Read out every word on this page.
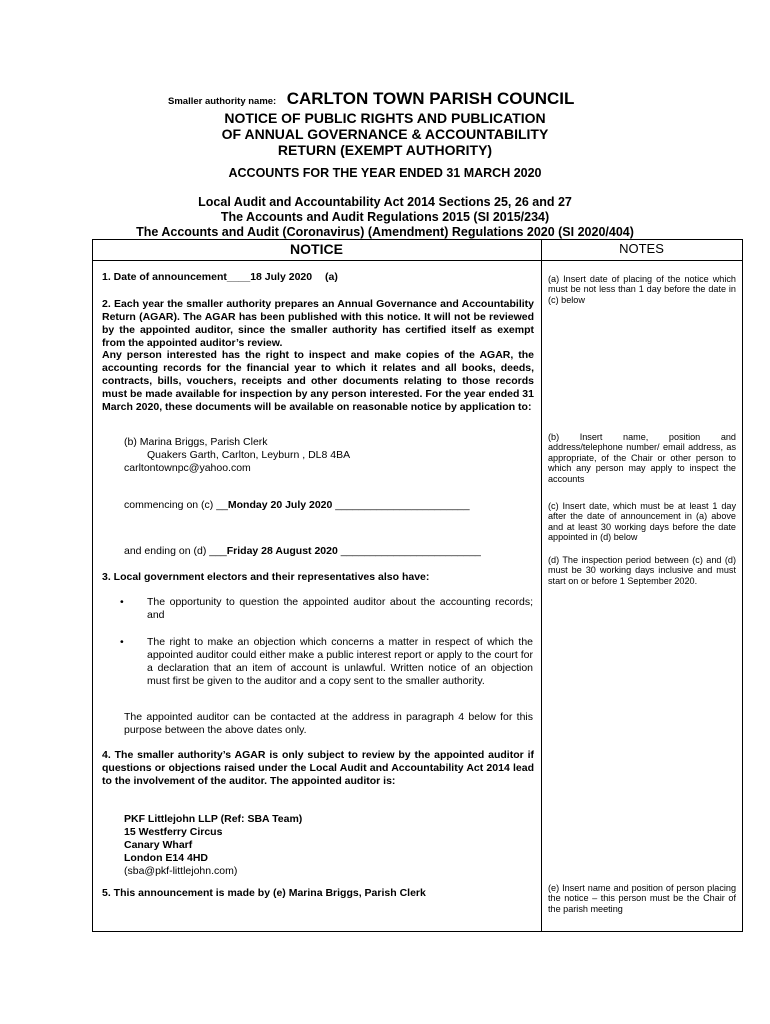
Smaller authority name: CARLTON TOWN PARISH COUNCIL
NOTICE OF PUBLIC RIGHTS AND PUBLICATION
OF ANNUAL GOVERNANCE & ACCOUNTABILITY
RETURN (EXEMPT AUTHORITY)
ACCOUNTS FOR THE YEAR ENDED 31 MARCH 2020
Local Audit and Accountability Act 2014 Sections 25, 26 and 27
The Accounts and Audit Regulations 2015 (SI 2015/234)
The Accounts and Audit (Coronavirus) (Amendment) Regulations 2020 (SI 2020/404)
NOTICE	NOTES
1. Date of announcement____18 July 2020 (a)
2. Each year the smaller authority prepares an Annual Governance and Accountability Return (AGAR). The AGAR has been published with this notice. It will not be reviewed by the appointed auditor, since the smaller authority has certified itself as exempt from the appointed auditor’s review.
Any person interested has the right to inspect and make copies of the AGAR, the accounting records for the financial year to which it relates and all books, deeds, contracts, bills, vouchers, receipts and other documents relating to those records must be made available for inspection by any person interested. For the year ended 31 March 2020, these documents will be available on reasonable notice by application to:
(b) Marina Briggs, Parish Clerk
Quakers Garth, Carlton, Leyburn , DL8 4BA
carltontownpc@yahoo.com
commencing on (c) __Monday 20 July 2020 _______________________
and ending on (d) ___Friday 28 August 2020 ________________________
3. Local government electors and their representatives also have:
• The opportunity to question the appointed auditor about the accounting records; and
• The right to make an objection which concerns a matter in respect of which the appointed auditor could either make a public interest report or apply to the court for a declaration that an item of account is unlawful. Written notice of an objection must first be given to the auditor and a copy sent to the smaller authority.
The appointed auditor can be contacted at the address in paragraph 4 below for this purpose between the above dates only.
4. The smaller authority’s AGAR is only subject to review by the appointed auditor if questions or objections raised under the Local Audit and Accountability Act 2014 lead to the involvement of the auditor. The appointed auditor is:
PKF Littlejohn LLP (Ref: SBA Team)
15 Westferry Circus
Canary Wharf
London E14 4HD
(sba@pkf-littlejohn.com)
5. This announcement is made by (e) Marina Briggs, Parish Clerk
(a) Insert date of placing of the notice which must be not less than 1 day before the date in (c) below
(b) Insert name, position and address/telephone number/ email address, as appropriate, of the Chair or other person to which any person may apply to inspect the accounts
(c) Insert date, which must be at least 1 day after the date of announcement in (a) above and at least 30 working days before the date appointed in (d) below
(d) The inspection period between (c) and (d) must be 30 working days inclusive and must start on or before 1 September 2020.
(e) Insert name and position of person placing the notice – this person must be the Chair of the parish meeting
